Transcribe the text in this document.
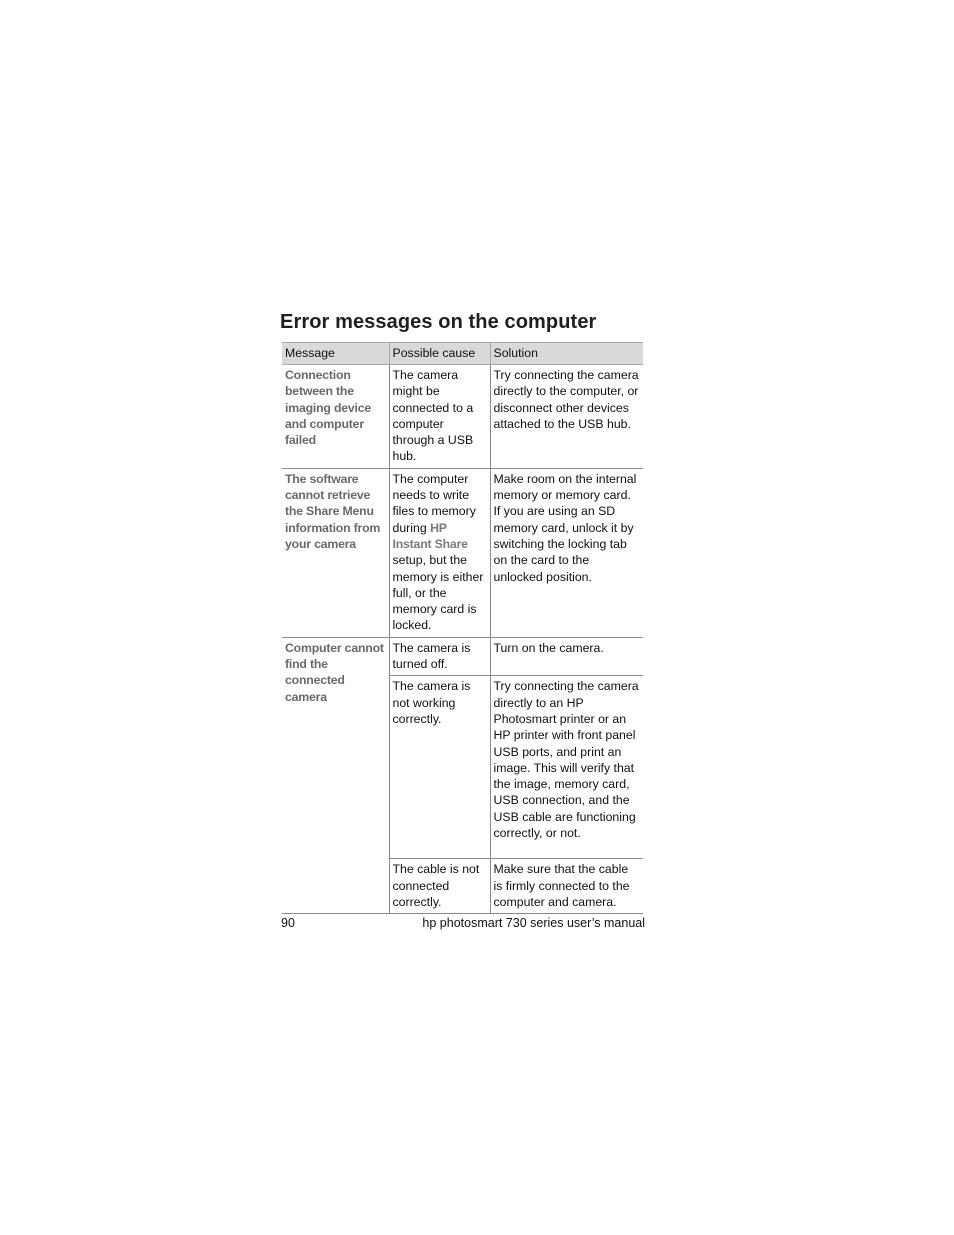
Error messages on the computer
Message	Possible cause	Solution
Connection between the imaging device and computer failed	The camera might be connected to a computer through a USB hub.	Try connecting the camera directly to the computer, or disconnect other devices attached to the USB hub.
The software cannot retrieve the Share Menu information from your camera	The computer needs to write files to memory during HP Instant Share setup, but the memory is either full, or the memory card is locked.	Make room on the internal memory or memory card. If you are using an SD memory card, unlock it by switching the locking tab on the card to the unlocked position.
Computer cannot find the connected camera	The camera is turned off.	Turn on the camera.
	The camera is not working correctly.	Try connecting the camera directly to an HP Photosmart printer or an HP printer with front panel USB ports, and print an image. This will verify that the image, memory card, USB connection, and the USB cable are functioning correctly, or not.
	The cable is not connected correctly.	Make sure that the cable is firmly connected to the computer and camera.
90	hp photosmart 730 series user’s manual
